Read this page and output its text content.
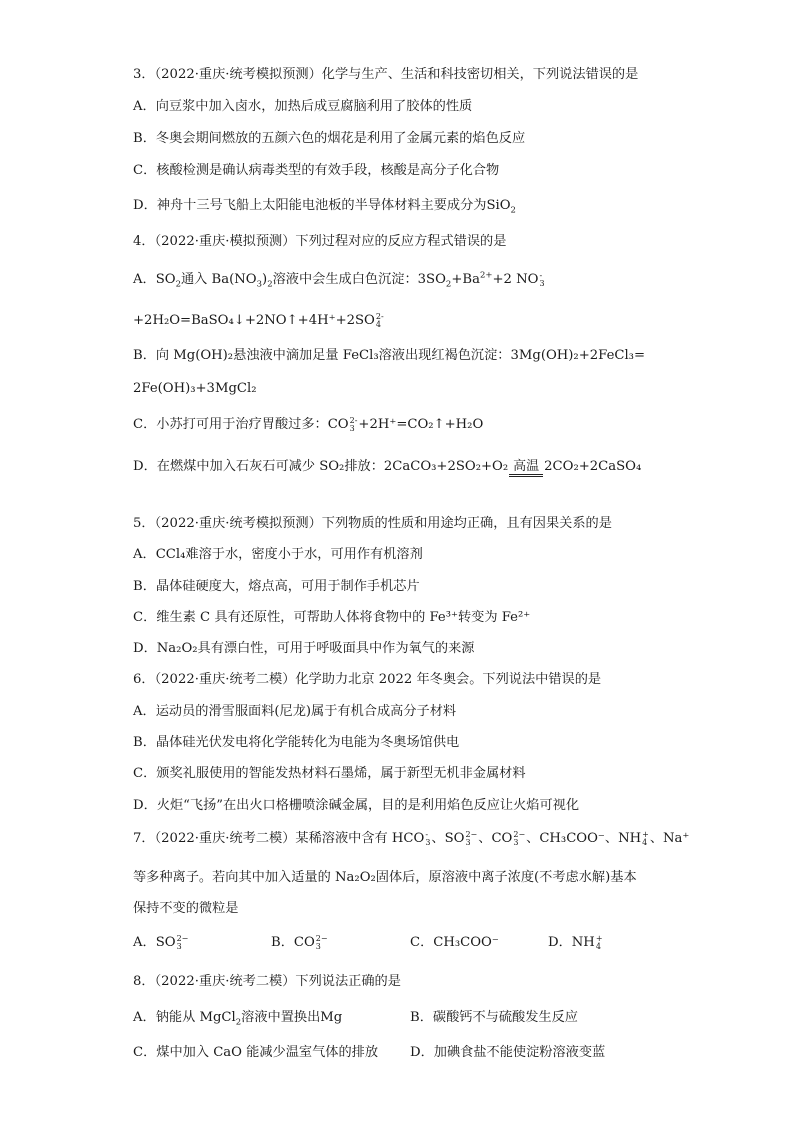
3．（2022·重庆·统考模拟预测）化学与生产、生活和科技密切相关，下列说法错误的是
A．向豆浆中加入卤水，加热后成豆腐脑利用了胶体的性质
B．冬奥会期间燃放的五颜六色的烟花是利用了金属元素的焰色反应
C．核酸检测是确认病毒类型的有效手段，核酸是高分子化合物
D．神舟十三号飞船上太阳能电池板的半导体材料主要成分为SiO$_2$
4．（2022·重庆·模拟预测）下列过程对应的反应方程式错误的是
A．$SO_2$通入 $Ba(NO_3)_2$溶液中会生成白色沉淀：$3SO_2+Ba^{2+}+2$ NO -
3
+2H₂O=BaSO₄↓+2NO↑+4H⁺+2SO 2-
4
B．向 Mg(OH)₂悬浊液中滴加足量 FeCl₃溶液出现红褐色沉淀：3Mg(OH)₂+2FeCl₃=
2Fe(OH)₃+3MgCl₂
C．小苏打可用于治疗胃酸过多：CO 2-
3 +2H⁺=CO₂↑+H₂O
D．在燃煤中加入石灰石可减少 SO₂排放：2CaCO₃+2SO₂+O₂ 高温 2CO₂+2CaSO₄
5．（2022·重庆·统考模拟预测）下列物质的性质和用途均正确，且有因果关系的是
A．CCl₄难溶于水，密度小于水，可用作有机溶剂
B．晶体硅硬度大，熔点高，可用于制作手机芯片
C．维生素 C 具有还原性，可帮助人体将食物中的 Fe³⁺转变为 Fe²⁺
D．Na₂O₂具有漂白性，可用于呼吸面具中作为氧气的来源
6．（2022·重庆·统考二模）化学助力北京 2022 年冬奥会。下列说法中错误的是
A．运动员的滑雪服面料(尼龙)属于有机合成高分子材料
B．晶体硅光伏发电将化学能转化为电能为冬奥场馆供电
C．颁奖礼服使用的智能发热材料石墨烯，属于新型无机非金属材料
D．火炬“飞扬”在出火口格栅喷涂碱金属，目的是利用焰色反应让火焰可视化
7．（2022·重庆·统考二模）某稀溶液中含有 HCO -
3 、SO 2−
3 、CO 2−
3 、CH₃COO⁻、NH +
4 、Na⁺
等多种离子。若向其中加入适量的 Na₂O₂固体后，原溶液中离子浓度(不考虑水解)基本
保持不变的微粒是
A．SO 2−
3	B．CO 2−
3	C．CH₃COO⁻	D．NH +
4
8．（2022·重庆·统考二模）下列说法正确的是
A．钠能从 MgCl$_2$溶液中置换出Mg	B．碳酸钙不与硫酸发生反应
C．煤中加入 CaO 能减少温室气体的排放 D．加碘食盐不能使淀粉溶液变蓝
